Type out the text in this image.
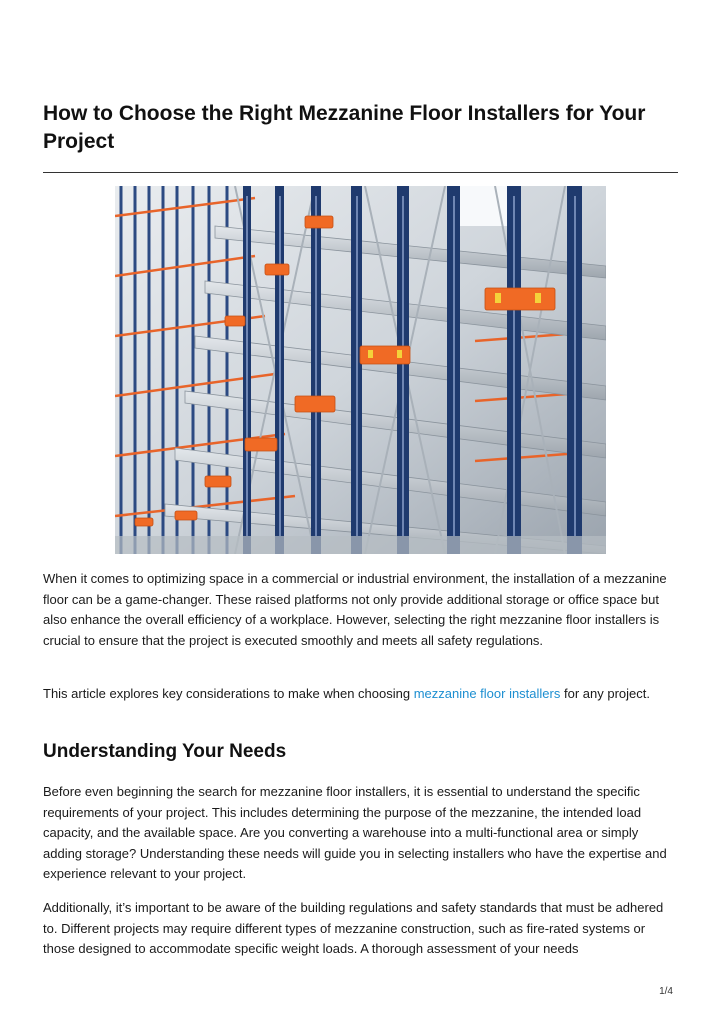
How to Choose the Right Mezzanine Floor Installers for Your Project

When it comes to optimizing space in a commercial or industrial environment, the installation of a mezzanine floor can be a game-changer. These raised platforms not only provide additional storage or office space but also enhance the overall efficiency of a workplace. However, selecting the right mezzanine floor installers is crucial to ensure that the project is executed smoothly and meets all safety regulations.

This article explores key considerations to make when choosing mezzanine floor installers for any project.

Understanding Your Needs

Before even beginning the search for mezzanine floor installers, it is essential to understand the specific requirements of your project. This includes determining the purpose of the mezzanine, the intended load capacity, and the available space. Are you converting a warehouse into a multi-functional area or simply adding storage? Understanding these needs will guide you in selecting installers who have the expertise and experience relevant to your project.

Additionally, it’s important to be aware of the building regulations and safety standards that must be adhered to. Different projects may require different types of mezzanine construction, such as fire-rated systems or those designed to accommodate specific weight loads. A thorough assessment of your needs

1/4
